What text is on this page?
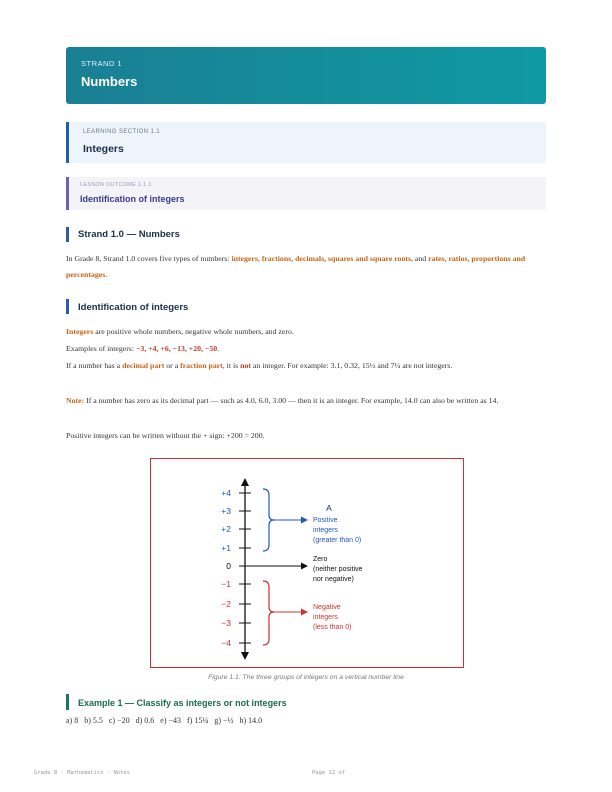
STRAND 1
Numbers
LEARNING SECTION 1.1
Integers
LESSON OUTCOME 1.1.1
Identification of integers
Strand 1.0 — Numbers
In Grade 8, Strand 1.0 covers five types of numbers: integers, fractions, decimals, squares and square roots, and rates, ratios, proportions and percentages.
Identification of integers
Integers are positive whole numbers, negative whole numbers, and zero.
Examples of integers: −3, +4, +6, −13, +20, −50.
If a number has a decimal part or a fraction part, it is not an integer. For example: 3.1, 0.32, 15½ and 7¼ are not integers.
Note: If a number has zero as its decimal part — such as 4.0, 6.0, 3.00 — then it is an integer. For example, 14.0 can also be written as 14.
Positive integers can be written without the + sign: +200 = 200.
+4
+3
+2
+1
0
−1
−2
−3
−4
A
Positive
integers
(greater than 0)
Zero
(neither positive
nor negative)
Negative
integers
(less than 0)
Figure 1.1: The three groups of integers on a vertical number line
Example 1 — Classify as integers or not integers
a) 8   b) 5.5   c) −20   d) 0.6   e) −43   f) 15¼   g) −½   h) 14.0
Grade 8 · Mathematics · Notes	Page 12 of
